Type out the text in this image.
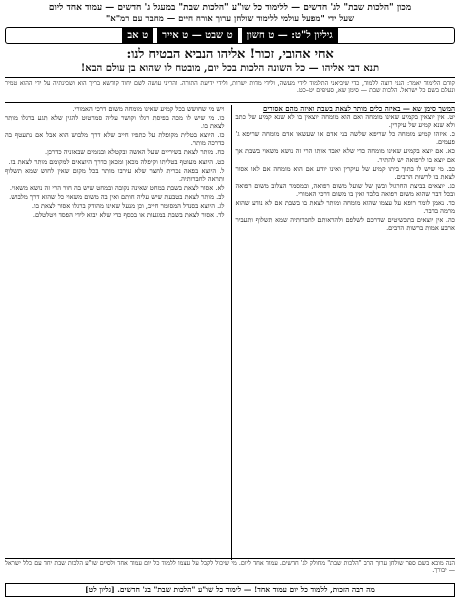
מכון "הלכות שבת" לג' חדשים — ללימוד כל שו"ע "הלכות שבת" במעגל ג' חדשים — עמוד אחד ליום
שעל ידי "מפעל עולמי ללימוד שולחן ערוך אורח חיים — מחבר עם רמ"א"
גיליון ל"ט: — ט חשון
ט שבט — ט אייר
ט אב
אחי אהובי, זכור! אליהו הנביא הבטיח לנו:
תנא דבי אליהו — כל השונה הלכות בכל יום, מובטח לו שהוא בן עולם הבא!
קודם הלימוד יאמר: הנני רוצה ללמוד, כדי שיביאני התלמוד לידי מעשה, ולידי מדות ישרות, ולידי ידיעת התורה. והריני עושה לשם יחוד קודשא בריך הוא ושכינתיה על ידי ההוא טמיר ונעלם בשם כל ישראל. הלכות שבת — סימן שא, סעיפים יט–כט.
המשך סימן שא — באיזה כלים מותר לצאת בשבת ואיזה מהם אסורים
יט. אין יוצאין בקמיע שאינו מומחה ואם הוא מומחה יוצאין בו לא שנא קמיע של כתב ולא שנא קמיע של עיקרין.
כ. איזהו קמיע מומחה כל שריפא שלשה בני אדם או שעשאו אדם מומחה שריפא ג' פעמים.
כא. אם יוצא בקמיע שאינו מומחה כדי שלא יאבד אותו הרי זה נושא משאוי בשבת אך אם יוצא בו לרפואה יש להתיר.
כב. מי שיש לו בתוך ביתו קמיע של עיקרין ואינו יודע אם הוא מומחה אם לאו אסור לצאת בו לרשות הרבים.
כג. יוצאים בביצת החרגול ובשן של שועל משום רפואה, ובמסמר הצלוב משום רפואה ובכל דבר שהוא משום רפואה בלבד ואין בו משום דרכי האמורי.
כד. נאמן לומר רופא על עצמו שהוא מומחה ומותר לצאת בו בשבת אם לא נודע שהוא מרמה בדבר.
כה. אין יוצאים בתכשיטים שדרכם לשלפם ולהראותם לחברותיה שמא תשלוף ותעביר ארבע אמות ברשות הרבים.
ויש מי שחושש בכל קמיע שאינו מומחה משום דרכי האמורי.
כו. מי שיש לו מכה בפיסת רגלו וקושר עליה סמרטוט להגין שלא תגע ברגלו מותר לצאת בו.
כז. היוצא בטלית מקופלת על כתפיו חייב שלא דרך מלבוש הוא אבל אם נתעטף בה כדרכה מותר.
כח. מותר לצאת בשיריים שעל האשה ובקטלא ובנזמים שבאזניה כדרכן.
כט. היוצא מעוטף בטליתו וקיפלה מכאן ומכאן כדרך היוצאים למקומם מותר לצאת בו.
ל. היוצא בפאה נכרית לחצר שלא עירבו מותר בכל מקום שאין לחוש שמא תשלוף ותראה לחברותיה.
לא. אסור לצאת בשבת במחט שאינה נקובה ובמחט שיש בה חור הרי זה נושא משאוי.
לב. מותר לצאת בטבעת שיש עליה חותם ואין בה משום משאוי כל שהוא דרך מלבוש.
לג. היוצא בסנדל המסומר חייב, וכן מנעל שאינו מהודק ברגלו אסור לצאת בו.
לד. אסור לצאת בשבת במגעות או בכסף כדי שלא יבוא לידי הפסד ויטלטלם.
הנה מובא בשם ספר שולחן ערוך הרב "הלכות שבת" מחולק לג' חדשים. עמוד אחד ליום. מי שיכול לקבל על עצמו ללמוד כל יום עמוד אחד ולסיים שו"ע הלכות שבת יחד עם כלל ישראל — יבורך.
מה רבה הזכות, ללמוד כל יום עמוד אחד! — לימוד כל שו"ע "הלכות שבת" בג' חדשים. [גליון לט]
